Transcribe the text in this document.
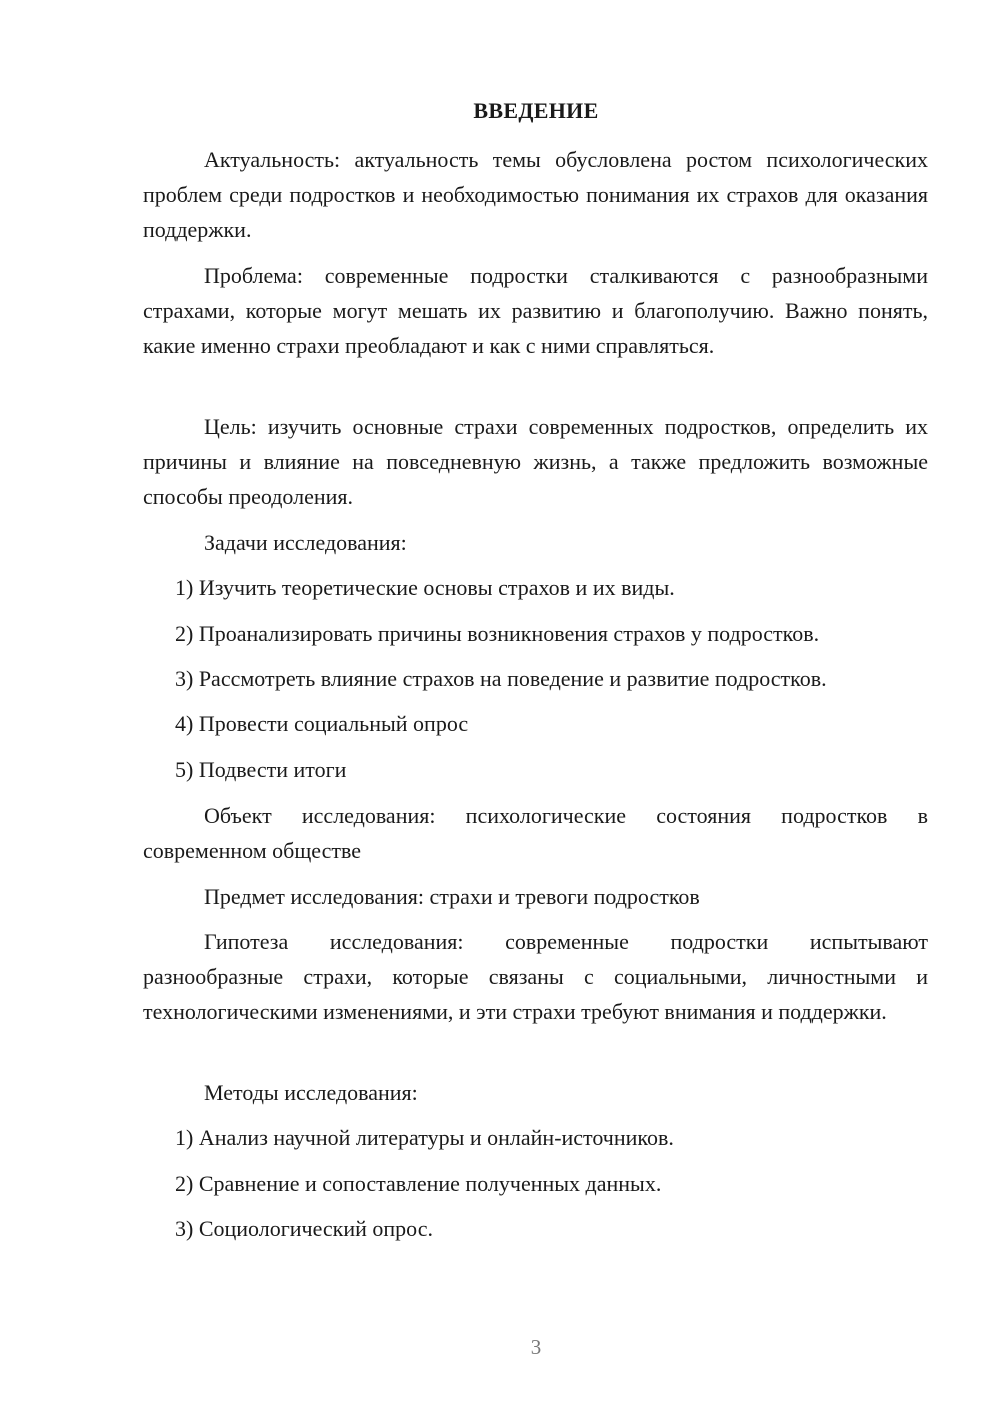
ВВЕДЕНИЕ

Актуальность: актуальность темы обусловлена ростом психологических проблем среди подростков и необходимостью понимания их страхов для оказания поддержки.

Проблема: современные подростки сталкиваются с разнообразными страхами, которые могут мешать их развитию и благополучию. Важно понять, какие именно страхи преобладают и как с ними справляться.

Цель: изучить основные страхи современных подростков, определить их причины и влияние на повседневную жизнь, а также предложить возможные способы преодоления.

Задачи исследования:

1) Изучить теоретические основы страхов и их виды.

2) Проанализировать причины возникновения страхов у подростков.

3) Рассмотреть влияние страхов на поведение и развитие подростков.

4) Провести социальный опрос

5) Подвести итоги

Объект исследования: психологические состояния подростков в современном обществе

Предмет исследования: страхи и тревоги подростков

Гипотеза исследования: современные подростки испытывают разнообразные страхи, которые связаны с социальными, личностными и технологическими изменениями, и эти страхи требуют внимания и поддержки.

Методы исследования:

1) Анализ научной литературы и онлайн-источников.

2) Сравнение и сопоставление полученных данных.

3) Социологический опрос.

3
